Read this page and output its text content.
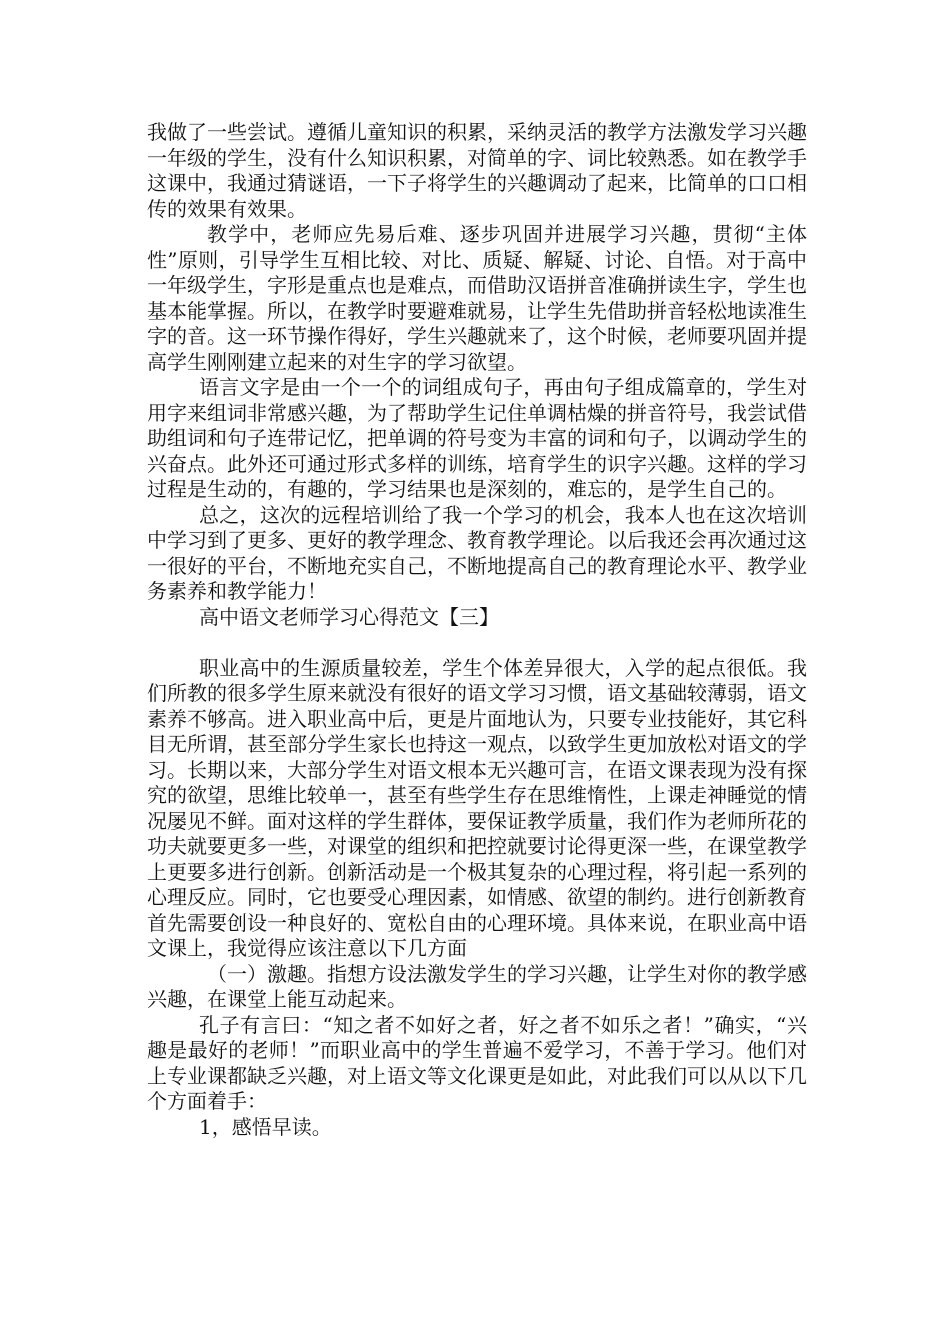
我做了一些尝试。遵循儿童知识的积累，采纳灵活的教学方法激发学习兴趣一年级的学生，没有什么知识积累，对简单的字、词比较熟悉。如在教学手这课中，我通过猜谜语，一下子将学生的兴趣调动了起来，比简单的口口相传的效果有效果。

教学中，老师应先易后难、逐步巩固并进展学习兴趣，贯彻“主体性”原则，引导学生互相比较、对比、质疑、解疑、讨论、自悟。对于高中一年级学生，字形是重点也是难点，而借助汉语拼音准确拼读生字，学生也基本能掌握。所以，在教学时要避难就易，让学生先借助拼音轻松地读准生字的音。这一环节操作得好，学生兴趣就来了，这个时候，老师要巩固并提高学生刚刚建立起来的对生字的学习欲望。

语言文字是由一个一个的词组成句子，再由句子组成篇章的，学生对用字来组词非常感兴趣，为了帮助学生记住单调枯燥的拼音符号，我尝试借助组词和句子连带记忆，把单调的符号变为丰富的词和句子，以调动学生的兴奋点。此外还可通过形式多样的训练，培育学生的识字兴趣。这样的学习过程是生动的，有趣的，学习结果也是深刻的，难忘的，是学生自己的。

总之，这次的远程培训给了我一个学习的机会，我本人也在这次培训中学习到了更多、更好的教学理念、教育教学理论。以后我还会再次通过这一很好的平台，不断地充实自己，不断地提高自己的教育理论水平、教学业务素养和教学能力！

高中语文老师学习心得范文【三】

职业高中的生源质量较差，学生个体差异很大，入学的起点很低。我们所教的很多学生原来就没有很好的语文学习习惯，语文基础较薄弱，语文素养不够高。进入职业高中后，更是片面地认为，只要专业技能好，其它科目无所谓，甚至部分学生家长也持这一观点，以致学生更加放松对语文的学习。长期以来，大部分学生对语文根本无兴趣可言，在语文课表现为没有探究的欲望，思维比较单一，甚至有些学生存在思维惰性，上课走神睡觉的情况屡见不鲜。面对这样的学生群体，要保证教学质量，我们作为老师所花的功夫就要更多一些，对课堂的组织和把控就要讨论得更深一些，在课堂教学上更要多进行创新。创新活动是一个极其复杂的心理过程，将引起一系列的心理反应。同时，它也要受心理因素，如情感、欲望的制约。进行创新教育首先需要创设一种良好的、宽松自由的心理环境。具体来说，在职业高中语文课上，我觉得应该注意以下几方面

（一）激趣。指想方设法激发学生的学习兴趣，让学生对你的教学感兴趣，在课堂上能互动起来。

孔子有言曰：“知之者不如好之者，好之者不如乐之者！”确实，“兴趣是最好的老师！”而职业高中的学生普遍不爱学习，不善于学习。他们对上专业课都缺乏兴趣，对上语文等文化课更是如此，对此我们可以从以下几个方面着手：

1，感悟早读。
